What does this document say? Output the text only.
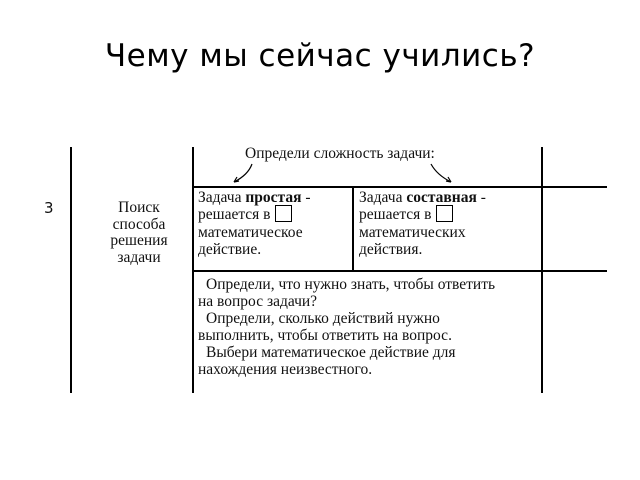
Чему мы сейчас учились?
3	Поиск
способа
решения
задачи
Определи сложность задачи:
Задача простая -
решается в
математическое
действие.
Задача составная -
решается в
математических
действия.
Определи, что нужно знать, чтобы ответить
на вопрос задачи?
Определи, сколько действий нужно
выполнить, чтобы ответить на вопрос.
Выбери математическое действие для
нахождения неизвестного.
